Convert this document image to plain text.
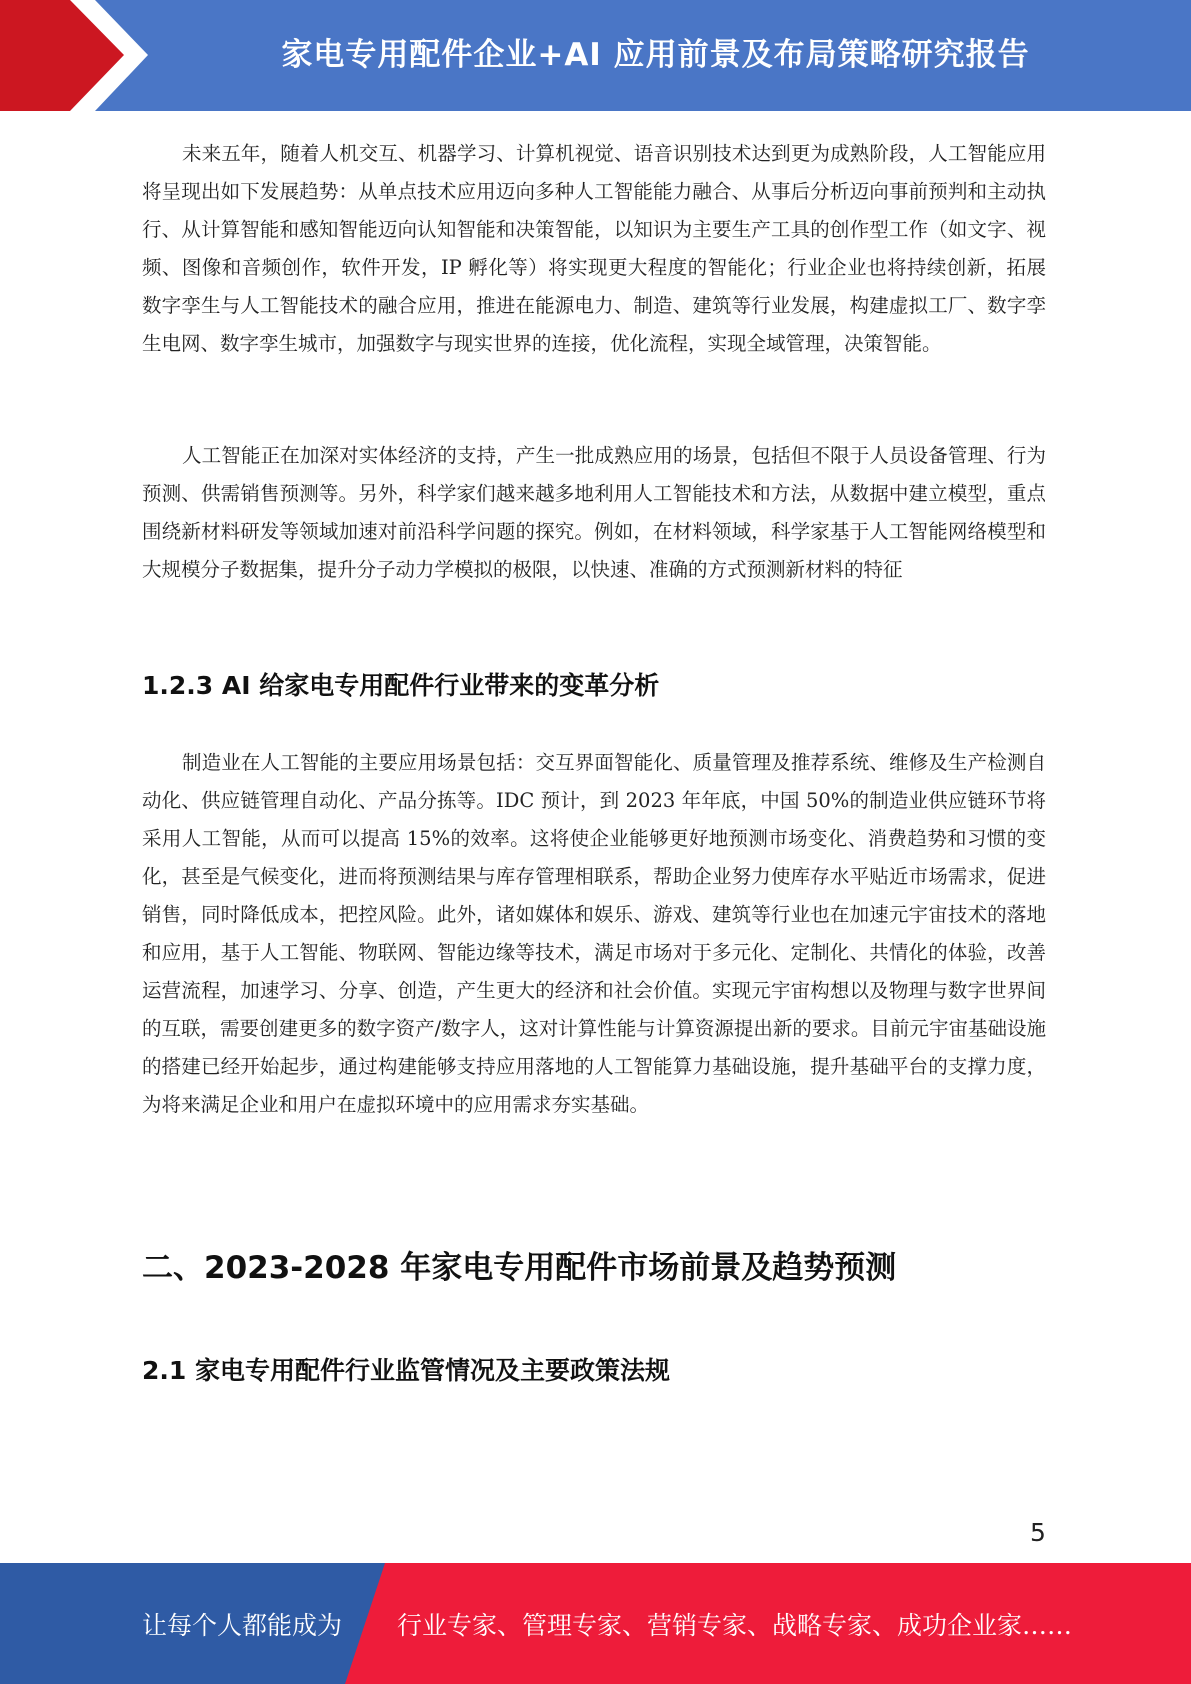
家电专用配件企业+AI 应用前景及布局策略研究报告

未来五年，随着人机交互、机器学习、计算机视觉、语音识别技术达到更为成熟阶段，人工智能应用将呈现出如下发展趋势：从单点技术应用迈向多种人工智能能力融合、从事后分析迈向事前预判和主动执行、从计算智能和感知智能迈向认知智能和决策智能，以知识为主要生产工具的创作型工作（如文字、视频、图像和音频创作，软件开发，IP 孵化等）将实现更大程度的智能化；行业企业也将持续创新，拓展数字孪生与人工智能技术的融合应用，推进在能源电力、制造、建筑等行业发展，构建虚拟工厂、数字孪生电网、数字孪生城市，加强数字与现实世界的连接，优化流程，实现全域管理，决策智能。

人工智能正在加深对实体经济的支持，产生一批成熟应用的场景，包括但不限于人员设备管理、行为预测、供需销售预测等。另外，科学家们越来越多地利用人工智能技术和方法，从数据中建立模型，重点围绕新材料研发等领域加速对前沿科学问题的探究。例如，在材料领域，科学家基于人工智能网络模型和大规模分子数据集，提升分子动力学模拟的极限，以快速、准确的方式预测新材料的特征

1.2.3 AI 给家电专用配件行业带来的变革分析

制造业在人工智能的主要应用场景包括：交互界面智能化、质量管理及推荐系统、维修及生产检测自动化、供应链管理自动化、产品分拣等。IDC 预计，到 2023 年年底，中国 50%的制造业供应链环节将采用人工智能，从而可以提高 15%的效率。这将使企业能够更好地预测市场变化、消费趋势和习惯的变化，甚至是气候变化，进而将预测结果与库存管理相联系，帮助企业努力使库存水平贴近市场需求，促进销售，同时降低成本，把控风险。此外，诸如媒体和娱乐、游戏、建筑等行业也在加速元宇宙技术的落地和应用，基于人工智能、物联网、智能边缘等技术，满足市场对于多元化、定制化、共情化的体验，改善运营流程，加速学习、分享、创造，产生更大的经济和社会价值。实现元宇宙构想以及物理与数字世界间的互联，需要创建更多的数字资产/数字人，这对计算性能与计算资源提出新的要求。目前元宇宙基础设施的搭建已经开始起步，通过构建能够支持应用落地的人工智能算力基础设施，提升基础平台的支撑力度，为将来满足企业和用户在虚拟环境中的应用需求夯实基础。

二、2023-2028 年家电专用配件市场前景及趋势预测
2.1 家电专用配件行业监管情况及主要政策法规
5
让每个人都能成为 行业专家、管理专家、营销专家、战略专家、成功企业家……
